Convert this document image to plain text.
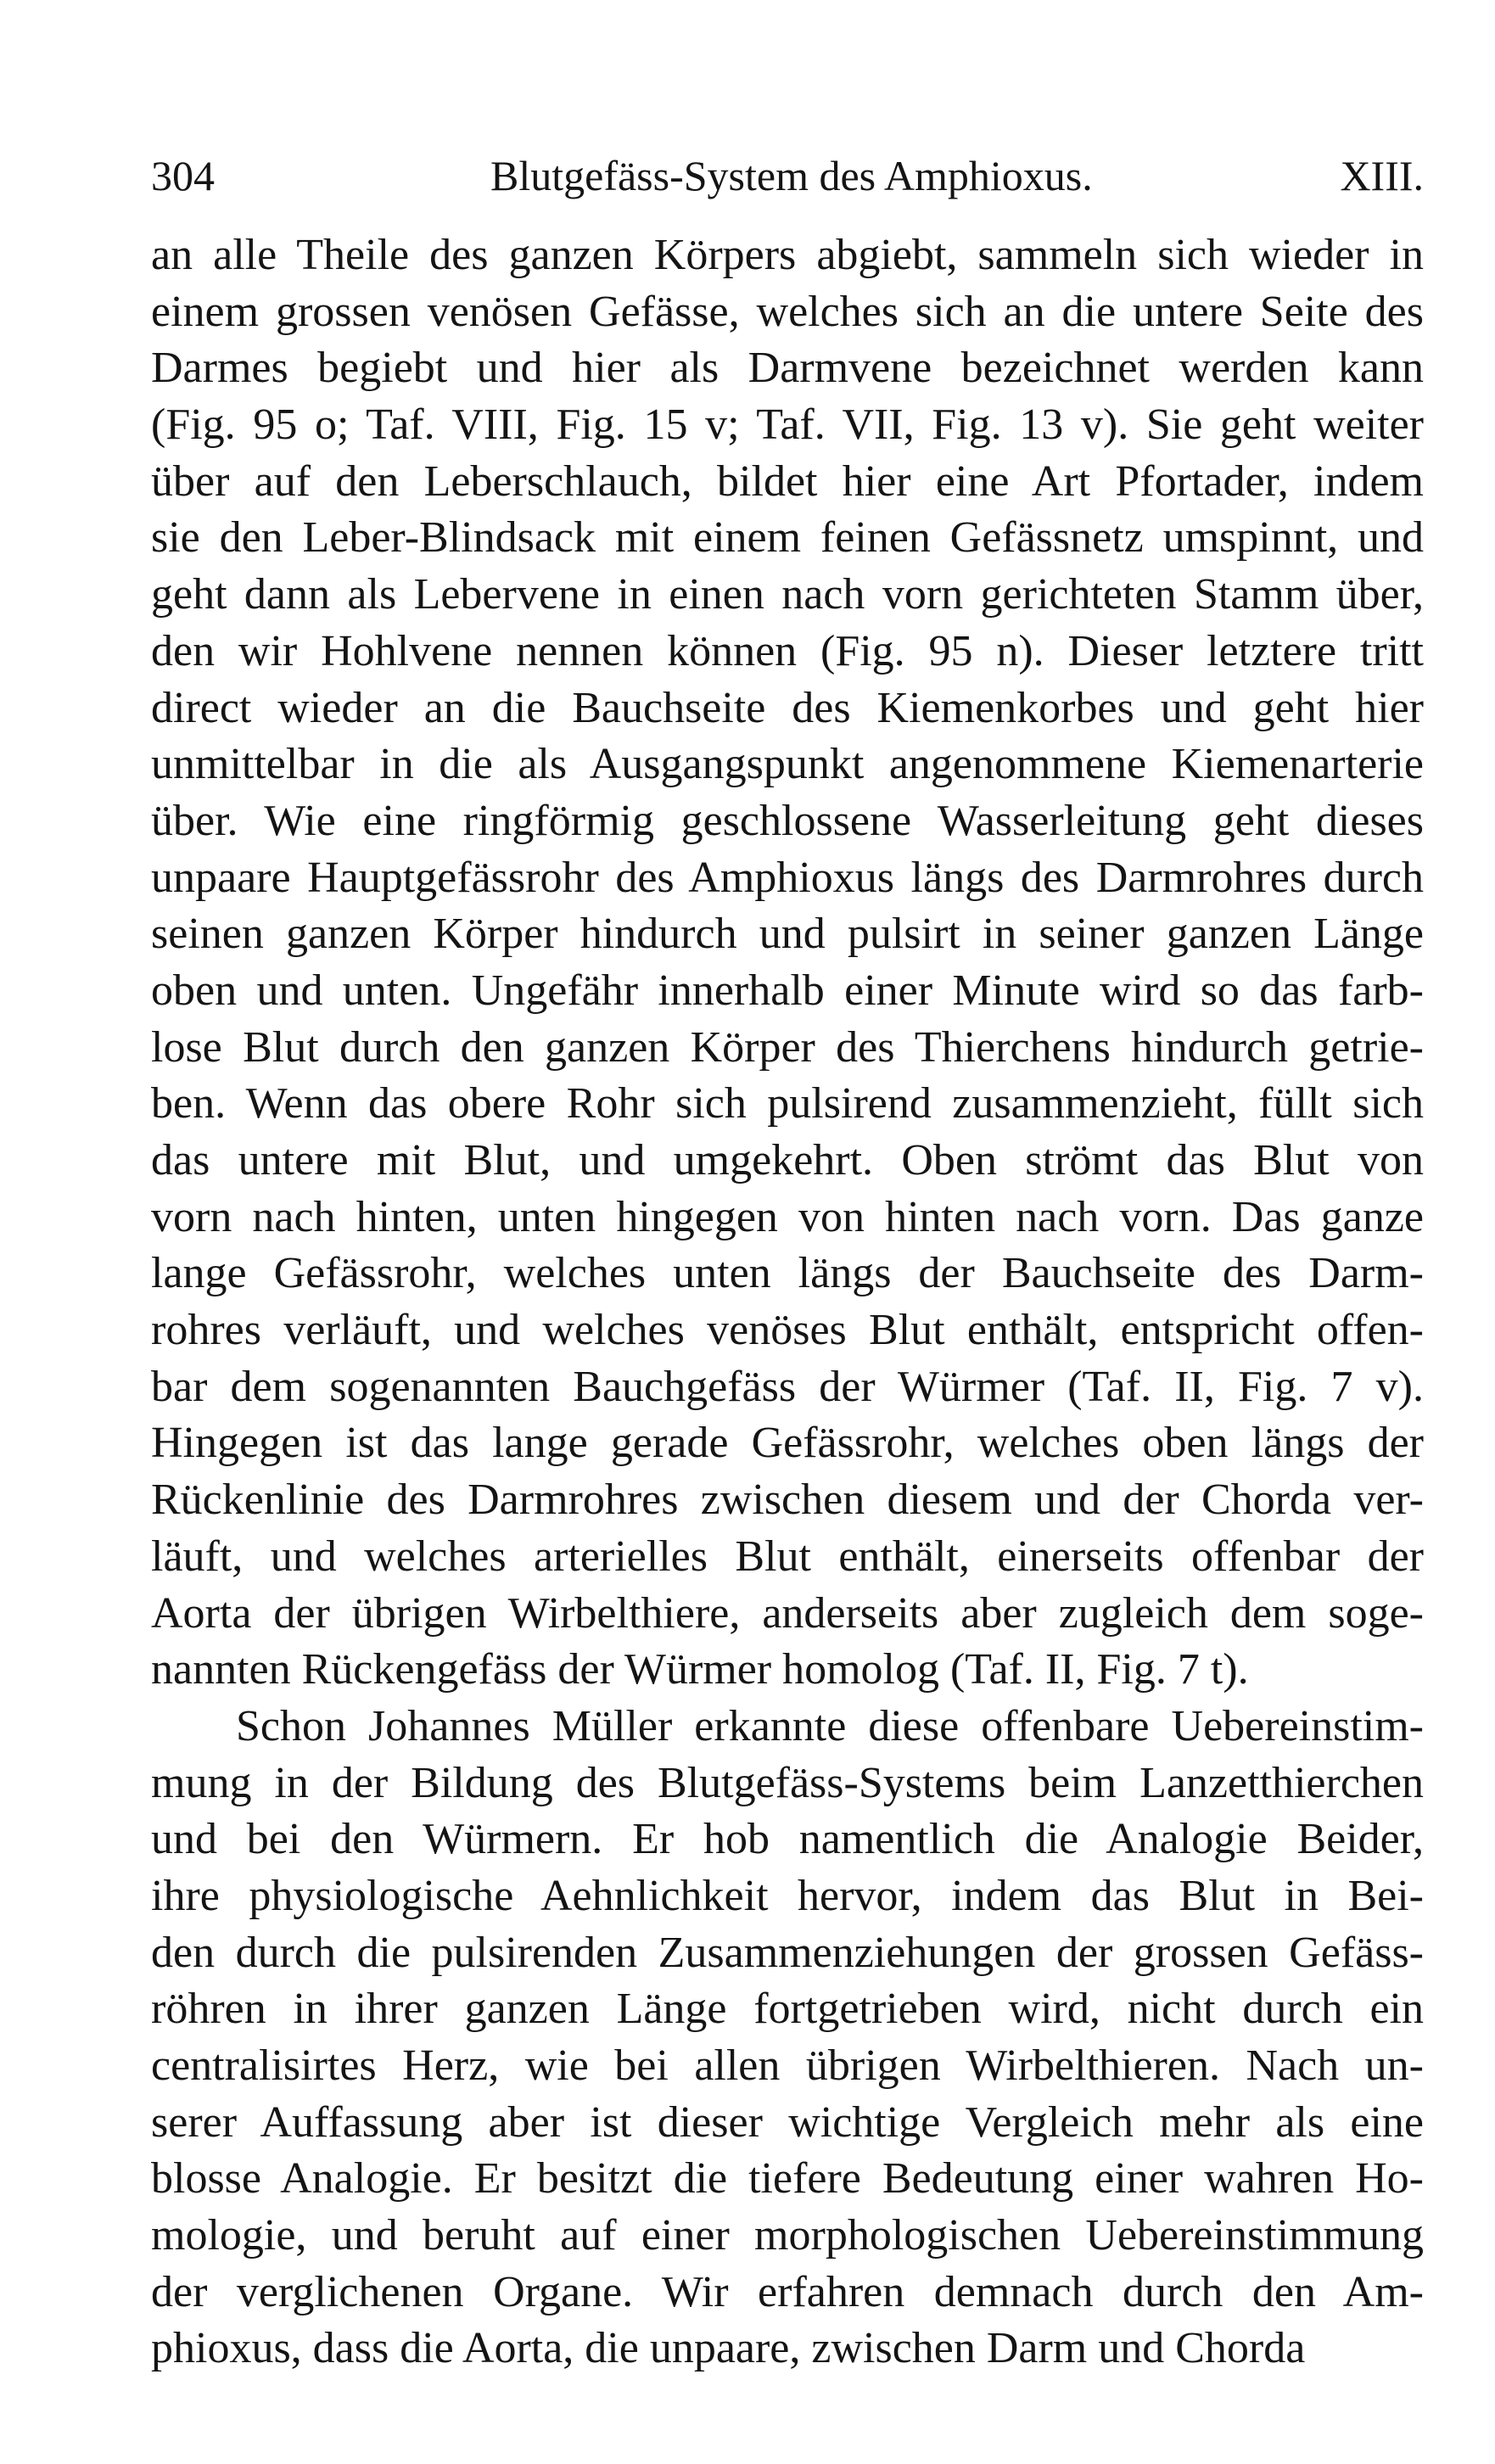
304	Blutgefäss-System des Amphioxus.	XIII.
an alle Theile des ganzen Körpers abgiebt, sammeln sich wieder in
einem grossen venösen Gefässe, welches sich an die untere Seite des
Darmes begiebt und hier als Darmvene bezeichnet werden kann
(Fig. 95 o; Taf. VIII, Fig. 15 v; Taf. VII, Fig. 13 v). Sie geht weiter
über auf den Leberschlauch, bildet hier eine Art Pfortader, indem
sie den Leber-Blindsack mit einem feinen Gefässnetz umspinnt, und
geht dann als Lebervene in einen nach vorn gerichteten Stamm über,
den wir Hohlvene nennen können (Fig. 95 n). Dieser letztere tritt
direct wieder an die Bauchseite des Kiemenkorbes und geht hier
unmittelbar in die als Ausgangspunkt angenommene Kiemenarterie
über. Wie eine ringförmig geschlossene Wasserleitung geht dieses
unpaare Hauptgefässrohr des Amphioxus längs des Darmrohres durch
seinen ganzen Körper hindurch und pulsirt in seiner ganzen Länge
oben und unten. Ungefähr innerhalb einer Minute wird so das farb-
lose Blut durch den ganzen Körper des Thierchens hindurch getrie-
ben. Wenn das obere Rohr sich pulsirend zusammenzieht, füllt sich
das untere mit Blut, und umgekehrt. Oben strömt das Blut von
vorn nach hinten, unten hingegen von hinten nach vorn. Das ganze
lange Gefässrohr, welches unten längs der Bauchseite des Darm-
rohres verläuft, und welches venöses Blut enthält, entspricht offen-
bar dem sogenannten Bauchgefäss der Würmer (Taf. II, Fig. 7 v).
Hingegen ist das lange gerade Gefässrohr, welches oben längs der
Rückenlinie des Darmrohres zwischen diesem und der Chorda ver-
läuft, und welches arterielles Blut enthält, einerseits offenbar der
Aorta der übrigen Wirbelthiere, anderseits aber zugleich dem soge-
nannten Rückengefäss der Würmer homolog (Taf. II, Fig. 7 t).
Schon Johannes Müller erkannte diese offenbare Uebereinstim-
mung in der Bildung des Blutgefäss-Systems beim Lanzetthierchen
und bei den Würmern. Er hob namentlich die Analogie Beider,
ihre physiologische Aehnlichkeit hervor, indem das Blut in Bei-
den durch die pulsirenden Zusammenziehungen der grossen Gefäss-
röhren in ihrer ganzen Länge fortgetrieben wird, nicht durch ein
centralisirtes Herz, wie bei allen übrigen Wirbelthieren. Nach un-
serer Auffassung aber ist dieser wichtige Vergleich mehr als eine
blosse Analogie. Er besitzt die tiefere Bedeutung einer wahren Ho-
mologie, und beruht auf einer morphologischen Uebereinstimmung
der verglichenen Organe. Wir erfahren demnach durch den Am-
phioxus, dass die Aorta, die unpaare, zwischen Darm und Chorda
